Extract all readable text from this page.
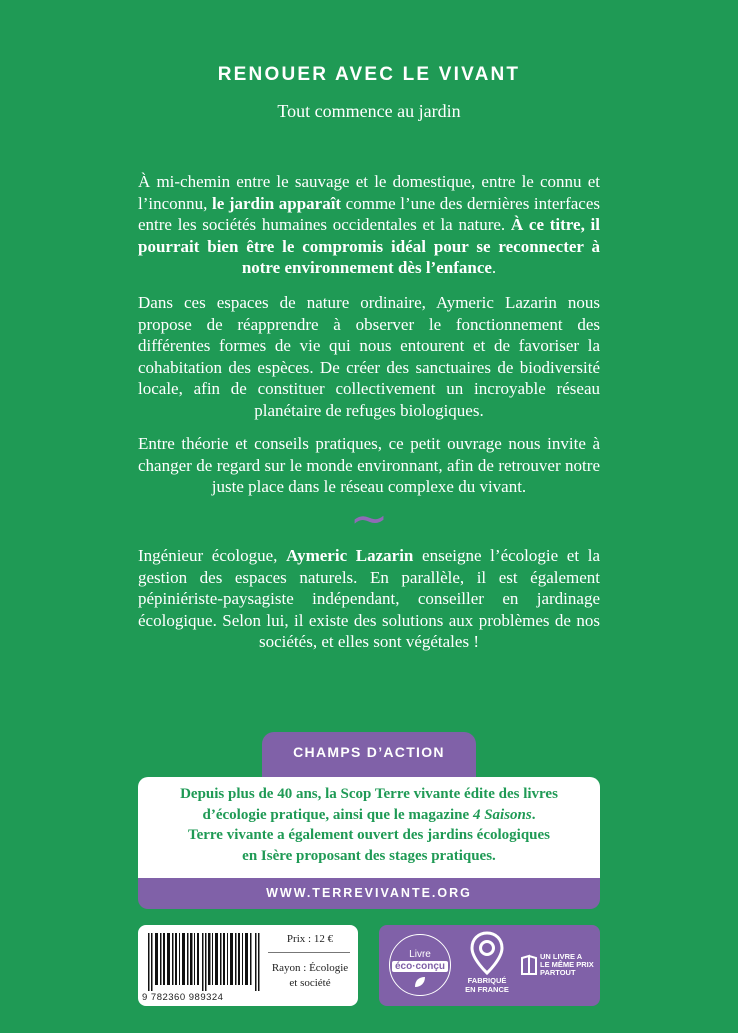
RENOUER AVEC LE VIVANT
Tout commence au jardin

À mi-chemin entre le sauvage et le domestique, entre le connu et l’inconnu, le jardin apparaît comme l’une des dernières interfaces entre les sociétés humaines occidentales et la nature. À ce titre, il pourrait bien être le compromis idéal pour se reconnecter à notre environnement dès l’enfance.

Dans ces espaces de nature ordinaire, Aymeric Lazarin nous propose de réapprendre à observer le fonctionnement des différentes formes de vie qui nous entourent et de favoriser la cohabitation des espèces. De créer des sanctuaires de biodiversité locale, afin de constituer collectivement un incroyable réseau planétaire de refuges biologiques.

Entre théorie et conseils pratiques, ce petit ouvrage nous invite à changer de regard sur le monde environnant, afin de retrouver notre juste place dans le réseau complexe du vivant.

~

Ingénieur écologue, Aymeric Lazarin enseigne l’écologie et la gestion des espaces naturels. En parallèle, il est également pépiniériste-paysagiste indépendant, conseiller en jardinage écologique. Selon lui, il existe des solutions aux problèmes de nos sociétés, et elles sont végétales !

CHAMPS D’ACTION
Depuis plus de 40 ans, la Scop Terre vivante édite des livres
d’écologie pratique, ainsi que le magazine 4 Saisons.
Terre vivante a également ouvert des jardins écologiques
en Isère proposant des stages pratiques.
WWW.TERREVIVANTE.ORG
9 782360 989324
Prix : 12 €
Rayon : Écologie
et société
Livre
éco·conçu
FABRIQUÉ
EN FRANCE
UN LIVRE A
LE MÊME PRIX
PARTOUT
